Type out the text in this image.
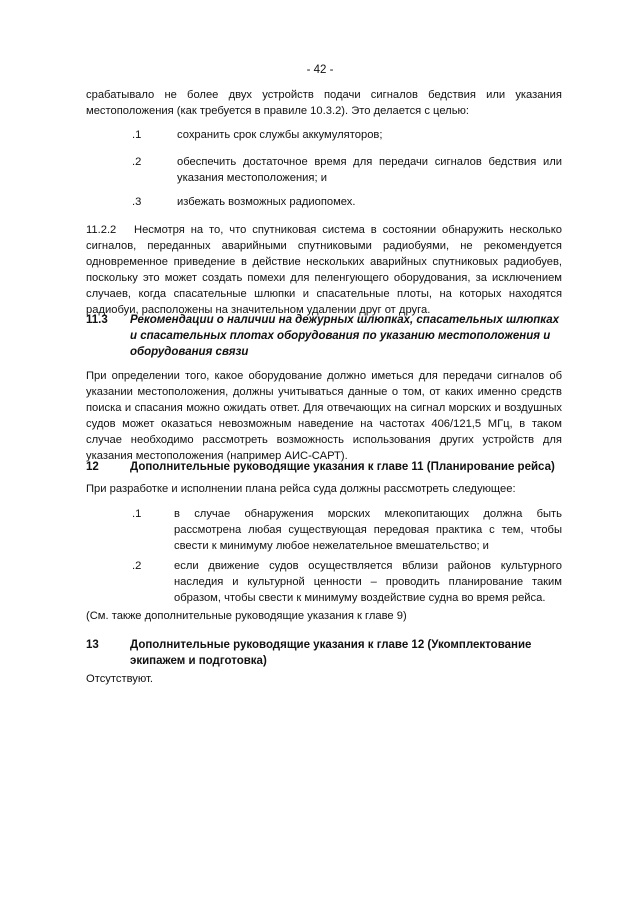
- 42 -

срабатывало не более двух устройств подачи сигналов бедствия или указания местоположения (как требуется в правиле 10.3.2). Это делается с целью:

.1	сохранить срок службы аккумуляторов;
.2	обеспечить достаточное время для передачи сигналов бедствия или указания местоположения; и
.3	избежать возможных радиопомех.

11.2.2 Несмотря на то, что спутниковая система в состоянии обнаружить несколько сигналов, переданных аварийными спутниковыми радиобуями, не рекомендуется одновременное приведение в действие нескольких аварийных спутниковых радиобуев, поскольку это может создать помехи для пеленгующего оборудования, за исключением случаев, когда спасательные шлюпки и спасательные плоты, на которых находятся радиобуи, расположены на значительном удалении друг от друга.

11.3 Рекомендации о наличии на дежурных шлюпках, спасательных шлюпках и спасательных плотах оборудования по указанию местоположения и оборудования связи

При определении того, какое оборудование должно иметься для передачи сигналов об указании местоположения, должны учитываться данные о том, от каких именно средств поиска и спасания можно ожидать ответ. Для отвечающих на сигнал морских и воздушных судов может оказаться невозможным наведение на частотах 406/121,5 МГц, в таком случае необходимо рассмотреть возможность использования других устройств для указания местоположения (например АИС-САРТ).

12	Дополнительные руководящие указания к главе 11 (Планирование рейса)

При разработке и исполнении плана рейса суда должны рассмотреть следующее:

.1	в случае обнаружения морских млекопитающих должна быть рассмотрена любая существующая передовая практика с тем, чтобы свести к минимуму любое нежелательное вмешательство; и
.2	если движение судов осуществляется вблизи районов культурного наследия и культурной ценности – проводить планирование таким образом, чтобы свести к минимуму воздействие судна во время рейса.

(См. также дополнительные руководящие указания к главе 9)

13	Дополнительные руководящие указания к главе 12 (Укомплектование экипажем и подготовка)

Отсутствуют.
